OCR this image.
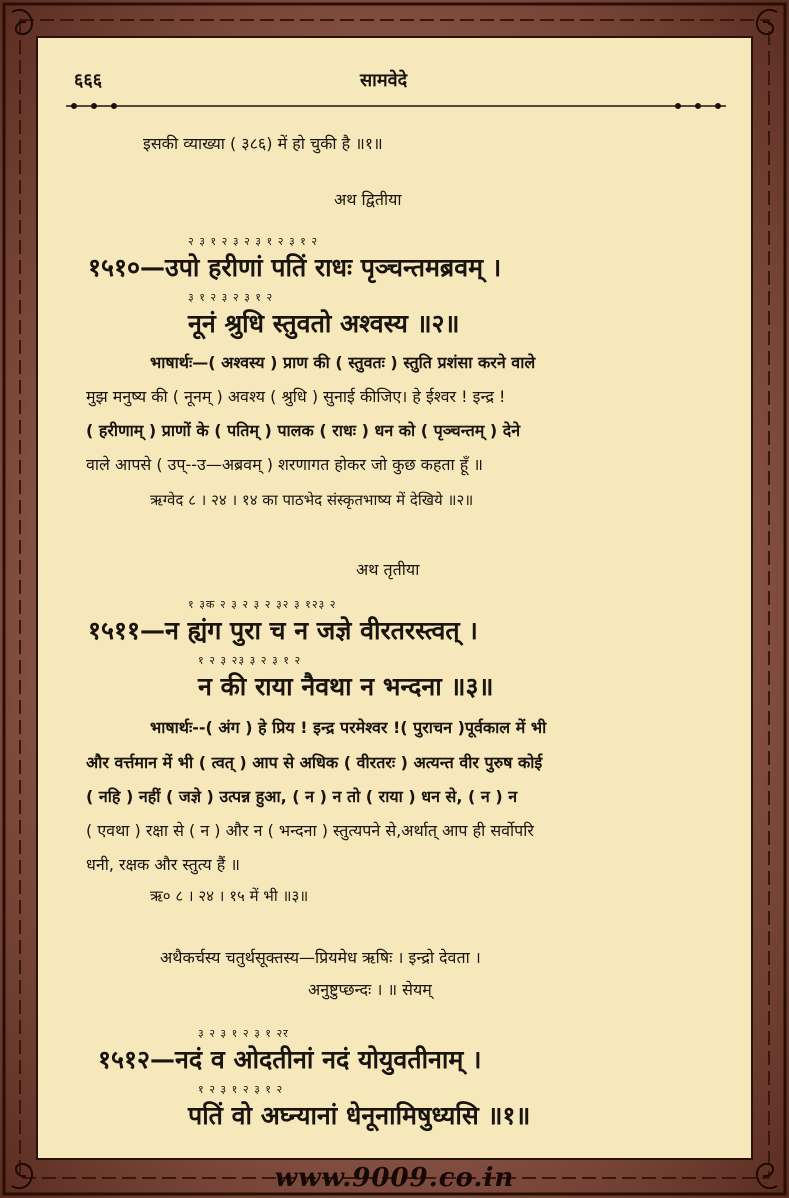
६६६	सामवेदे
इसकी व्याख्या ( ३८६) में हो चुकी है ॥१॥
अथ द्वितीया
२ ३ १ २ ३ २ ३ १ २ ३ १ २
१५१०—उपो हरीणां पतिं राधः पृञ्चन्तमब्रवम् ।
३ १ २ ३ २ ३ १ २
नूनं श्रुधि स्तुवतो अश्वस्य ॥२॥
भाषार्थः—( अश्वस्य ) प्राण की ( स्तुवतः ) स्तुति प्रशंसा करने वाले
मुझ मनुष्य की ( नूनम् ) अवश्य ( श्रुधि ) सुनाई कीजिए। हे ईश्वर ! इन्द्र !
( हरीणाम् ) प्राणों के ( पतिम् ) पालक ( राधः ) धन को ( पृञ्चन्तम् ) देने
वाले आपसे ( उप्--उ—अब्रवम् ) शरणागत होकर जो कुछ कहता हूँ ॥
ऋग्वेद ८ । २४ । १४ का पाठभेद संस्कृतभाष्य में देखिये ॥२॥
अथ तृतीया
१ ३क २ ३ २ ३ २ ३२ ३ १२३ २
१५११—न ह्यंग पुरा च न जज्ञे वीरतरस्त्वत् ।
१ २ ३ २३ ३ २ ३ १ २
न की राया नैवथा न भन्दना ॥३॥
भाषार्थः--( अंग ) हे प्रिय ! इन्द्र परमेश्वर !( पुराचन )पूर्वकाल में भी
और वर्त्तमान में भी ( त्वत् ) आप से अधिक ( वीरतरः ) अत्यन्त वीर पुरुष कोई
( नहि ) नहीं ( जज्ञे ) उत्पन्न हुआ, ( न ) न तो ( राया ) धन से, ( न ) न
( एवथा ) रक्षा से ( न ) और न ( भन्दना ) स्तुत्यपने से,अर्थात् आप ही सर्वोपरि
धनी, रक्षक और स्तुत्य हैं ॥
ऋ० ८ । २४ । १५ में भी ॥३॥
अथैकर्चस्य चतुर्थसूक्तस्य—प्रियमेध ऋषिः । इन्द्रो देवता ।
अनुष्टुप्छन्दः । ॥ सेयम्
३ २ ३ १ २ ३ १ २र
१५१२—नदं व ओदतीनां नदं योयुवतीनाम् ।
१ २ ३ १ २ ३ १ २
पतिं वो अघ्न्यानां धेनूनामिषुध्यसि ॥१॥
www.9009.co.in
